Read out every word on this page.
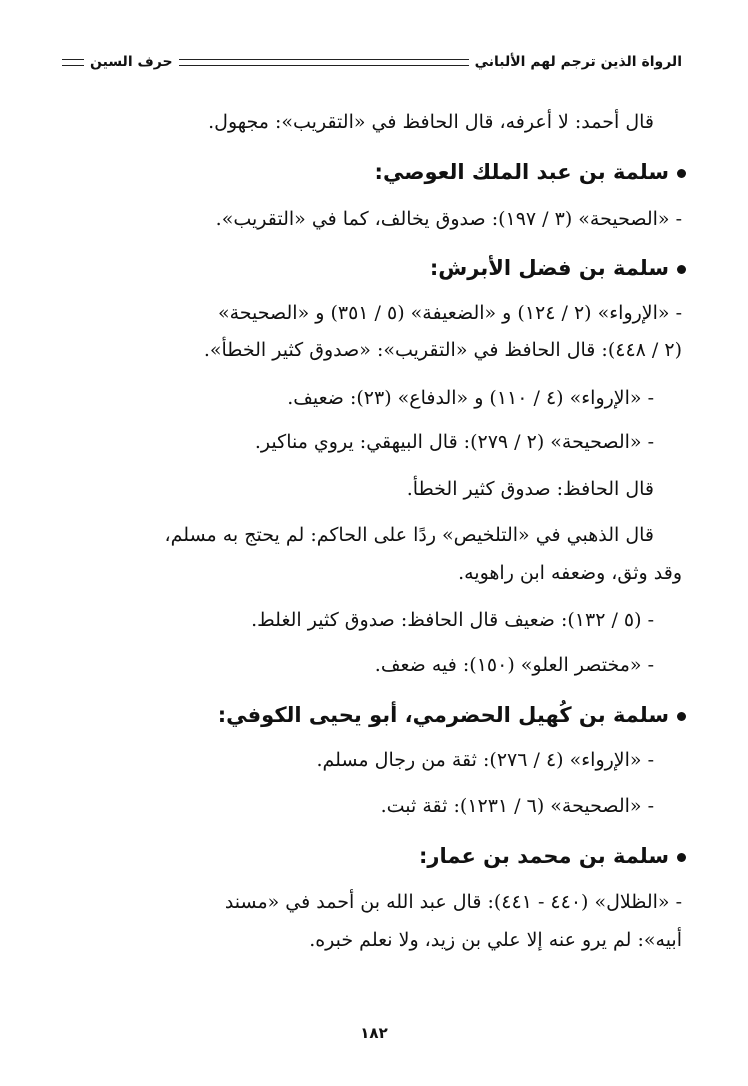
الرواة الذين ترجم لهم الألباني
حرف السين
قال أحمد: لا أعرفه، قال الحافظ في «التقريب»: مجهول.
سلمة بن عبد الملك العوصي:
- «الصحيحة» (٣ / ١٩٧): صدوق يخالف، كما في «التقريب».
سلمة بن فضل الأبرش:
- «الإرواء» (٢ / ١٢٤) و «الضعيفة» (٥ / ٣٥١) و «الصحيحة»
(٢ / ٤٤٨): قال الحافظ في «التقريب»: «صدوق كثير الخطأ».
- «الإرواء» (٤ / ١١٠) و «الدفاع» (٢٣): ضعيف.
- «الصحيحة» (٢ / ٢٧٩): قال البيهقي: يروي مناكير.
قال الحافظ: صدوق كثير الخطأ.
قال الذهبي في «التلخيص» ردًا على الحاكم: لم يحتج به مسلم،
وقد وثق، وضعفه ابن راهويه.
- (٥ / ١٣٢): ضعيف قال الحافظ: صدوق كثير الغلط.
- «مختصر العلو» (١٥٠): فيه ضعف.
سلمة بن كُهيل الحضرمي، أبو يحيى الكوفي:
- «الإرواء» (٤ / ٢٧٦): ثقة من رجال مسلم.
- «الصحيحة» (٦ / ١٢٣١): ثقة ثبت.
سلمة بن محمد بن عمار:
- «الظلال» (٤٤٠ - ٤٤١): قال عبد الله بن أحمد في «مسند
أبيه»: لم يرو عنه إلا علي بن زيد، ولا نعلم خبره.
١٨٢
